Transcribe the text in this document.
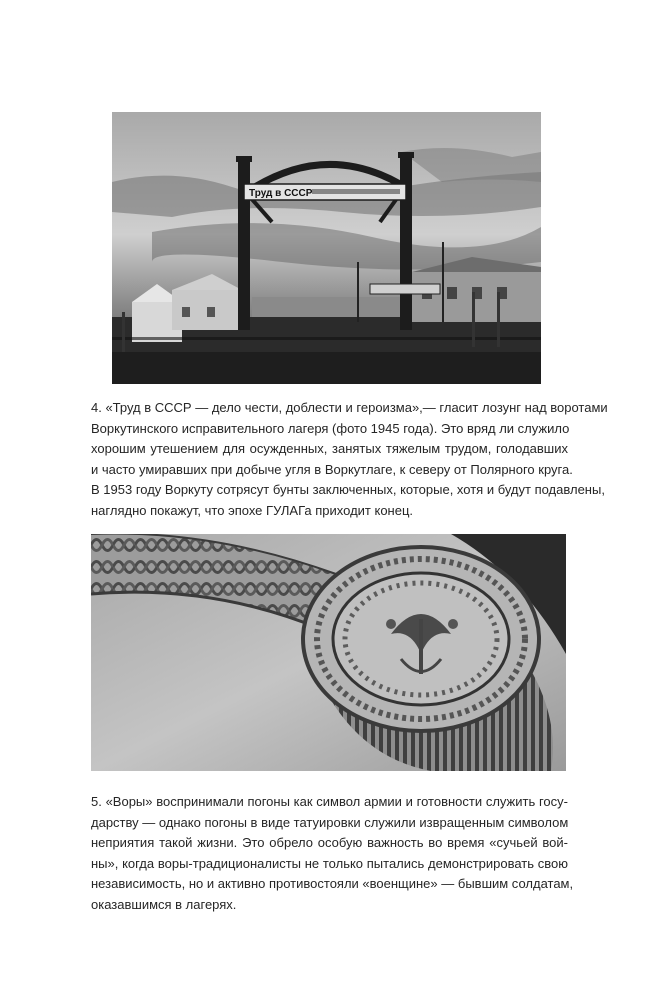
Труд в СССР

4. «Труд в СССР — дело чести, доблести и героизма»,— гласит лозунг над воротами
Воркутинского исправительного лагеря (фото 1945 года). Это вряд ли служило
хорошим утешением для осужденных, занятых тяжелым трудом, голодавших
и часто умиравших при добыче угля в Воркутлаге, к северу от Полярного круга.
В 1953 году Воркуту сотрясут бунты заключенных, которые, хотя и будут подавлены,
наглядно покажут, что эпохе ГУЛАГа приходит конец.

5. «Воры» воспринимали погоны как символ армии и готовности служить госу-
дарству — однако погоны в виде татуировки служили извращенным символом
неприятия такой жизни. Это обрело особую важность во время «сучьей вой-
ны», когда воры-традиционалисты не только пытались демонстрировать свою
независимость, но и активно противостояли «военщине» — бывшим солдатам,
оказавшимся в лагерях.
